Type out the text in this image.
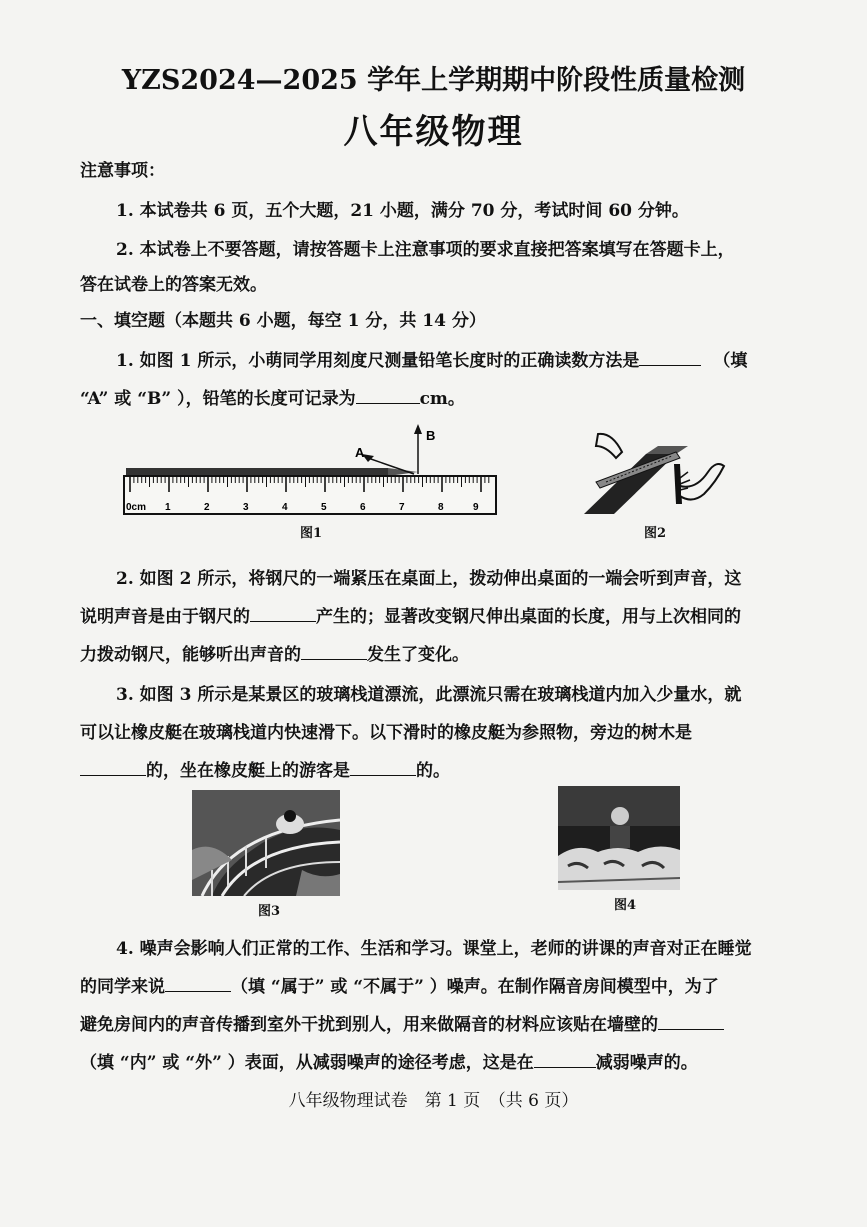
YZS2024—2025 学年上学期期中阶段性质量检测
八年级物理
注意事项：
1. 本试卷共 6 页，五个大题，21 小题，满分 70 分，考试时间 60 分钟。
2. 本试卷上不要答题，请按答题卡上注意事项的要求直接把答案填写在答题卡上，
答在试卷上的答案无效。
一、填空题（本题共 6 小题，每空 1 分，共 14 分）
1. 如图 1 所示，小萌同学用刻度尺测量铅笔长度时的正确读数方法是	（填
“A” 或 “B” ），铅笔的长度可记录为	cm。
A
B
0cm 1	2	3	4	5	6	7	8	9
图1	图2
2. 如图 2 所示，将钢尺的一端紧压在桌面上，拨动伸出桌面的一端会听到声音，这
说明声音是由于钢尺的	产生的；显著改变钢尺伸出桌面的长度，用与上次相同的
力拨动钢尺，能够听出声音的	发生了变化。
3. 如图 3 所示是某景区的玻璃栈道漂流，此漂流只需在玻璃栈道内加入少量水，就
可以让橡皮艇在玻璃栈道内快速滑下。以下滑时的橡皮艇为参照物，旁边的树木是
的，坐在橡皮艇上的游客是	的。
图3	图4
4. 噪声会影响人们正常的工作、生活和学习。课堂上，老师的讲课的声音对正在睡觉
的同学来说	（填 “属于” 或 “不属于” ）噪声。在制作隔音房间模型中，为了
避免房间内的声音传播到室外干扰到别人，用来做隔音的材料应该贴在墙壁的
（填 “内” 或 “外” ）表面，从减弱噪声的途径考虑，这是在	减弱噪声的。
八年级物理试卷　第 1 页　（共 6 页）
